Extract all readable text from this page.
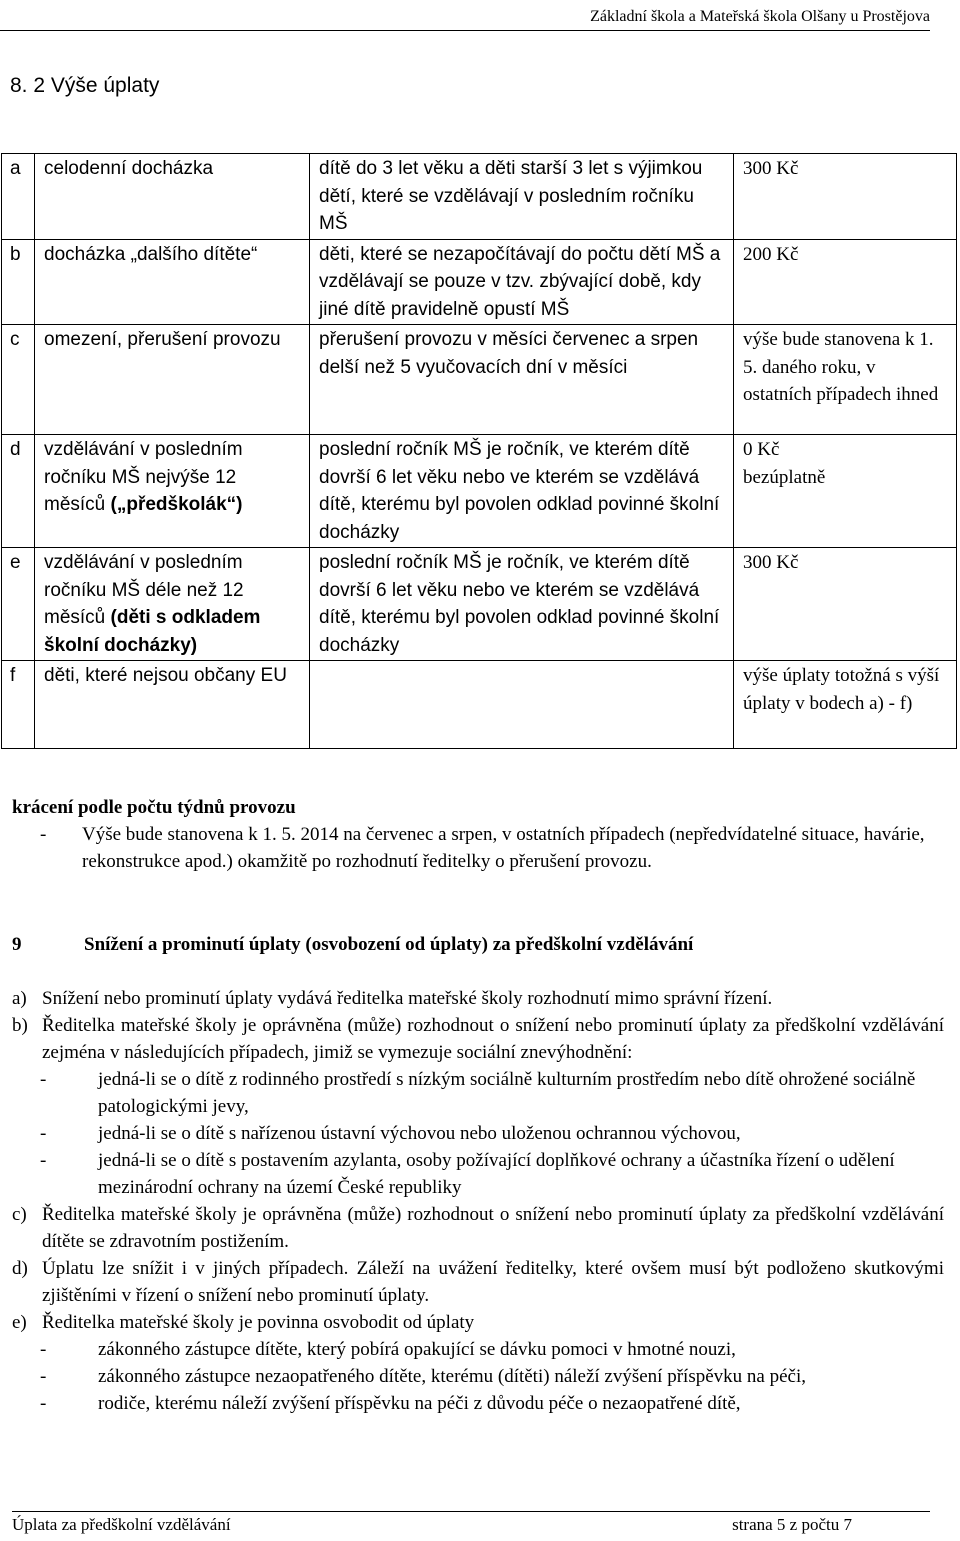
Základní škola a Mateřská škola Olšany u Prostějova
8. 2 Výše úplaty
a	celodenní docházka	dítě do 3 let věku a děti starší 3 let s výjimkou dětí, které se vzdělávají v posledním ročníku MŠ	300 Kč
b	docházka „dalšího dítěte“	děti, které se nezapočítávají do počtu dětí MŠ a vzdělávají se pouze v tzv. zbývající době, kdy jiné dítě pravidelně opustí MŠ	200 Kč
c	omezení, přerušení provozu	přerušení provozu v měsíci červenec a srpen delší než 5 vyučovacích dní v měsíci	výše bude stanovena k 1. 5. daného roku, v ostatních případech ihned
d	vzdělávání v posledním ročníku MŠ nejvýše 12 měsíců („předškolák“)	poslední ročník MŠ je ročník, ve kterém dítě dovrší 6 let věku nebo ve kterém se vzdělává dítě, kterému byl povolen odklad povinné školní docházky	0 Kč
bezúplatně

e	vzdělávání v posledním ročníku MŠ déle než 12 měsíců (děti s odkladem školní docházky)	poslední ročník MŠ je ročník, ve kterém dítě dovrší 6 let věku nebo ve kterém se vzdělává dítě, kterému byl povolen odklad povinné školní docházky	300 Kč
f	děti, které nejsou občany EU		výše úplaty totožná s výší úplaty v bodech a) - f)
krácení podle počtu týdnů provozu
-	Výše bude stanovena k 1. 5. 2014 na červenec a srpen, v ostatních případech (nepředvídatelné situace, havárie, rekonstrukce apod.) okamžitě po rozhodnutí ředitelky o přerušení provozu.
9	Snížení a prominutí úplaty (osvobození od úplaty) za předškolní vzdělávání
a) Snížení nebo prominutí úplaty vydává ředitelka mateřské školy rozhodnutí mimo správní řízení.
b) Ředitelka mateřské školy je oprávněna (může) rozhodnout o snížení nebo prominutí úplaty za předškolní vzdělávání zejména v následujících případech, jimiž se vymezuje sociální znevýhodnění:
-	jedná-li se o dítě z rodinného prostředí s nízkým sociálně kulturním prostředím nebo dítě ohrožené sociálně patologickými jevy,
-	jedná-li se o dítě s nařízenou ústavní výchovou nebo uloženou ochrannou výchovou,
-	jedná-li se o dítě s postavením azylanta, osoby požívající doplňkové ochrany a účastníka řízení o udělení mezinárodní ochrany na území České republiky
c) Ředitelka mateřské školy je oprávněna (může) rozhodnout o snížení nebo prominutí úplaty za předškolní vzdělávání dítěte se zdravotním postižením.
d) Úplatu lze snížit i v jiných případech. Záleží na uvážení ředitelky, které ovšem musí být podloženo skutkovými zjištěními v řízení o snížení nebo prominutí úplaty.
e) Ředitelka mateřské školy je povinna osvobodit od úplaty
-	zákonného zástupce dítěte, který pobírá opakující se dávku pomoci v hmotné nouzi,
-	zákonného zástupce nezaopatřeného dítěte, kterému (dítěti) náleží zvýšení příspěvku na péči,
-	rodiče, kterému náleží zvýšení příspěvku na péči z důvodu péče o nezaopatřené dítě,
Úplata za předškolní vzdělávání	strana 5 z počtu 7
